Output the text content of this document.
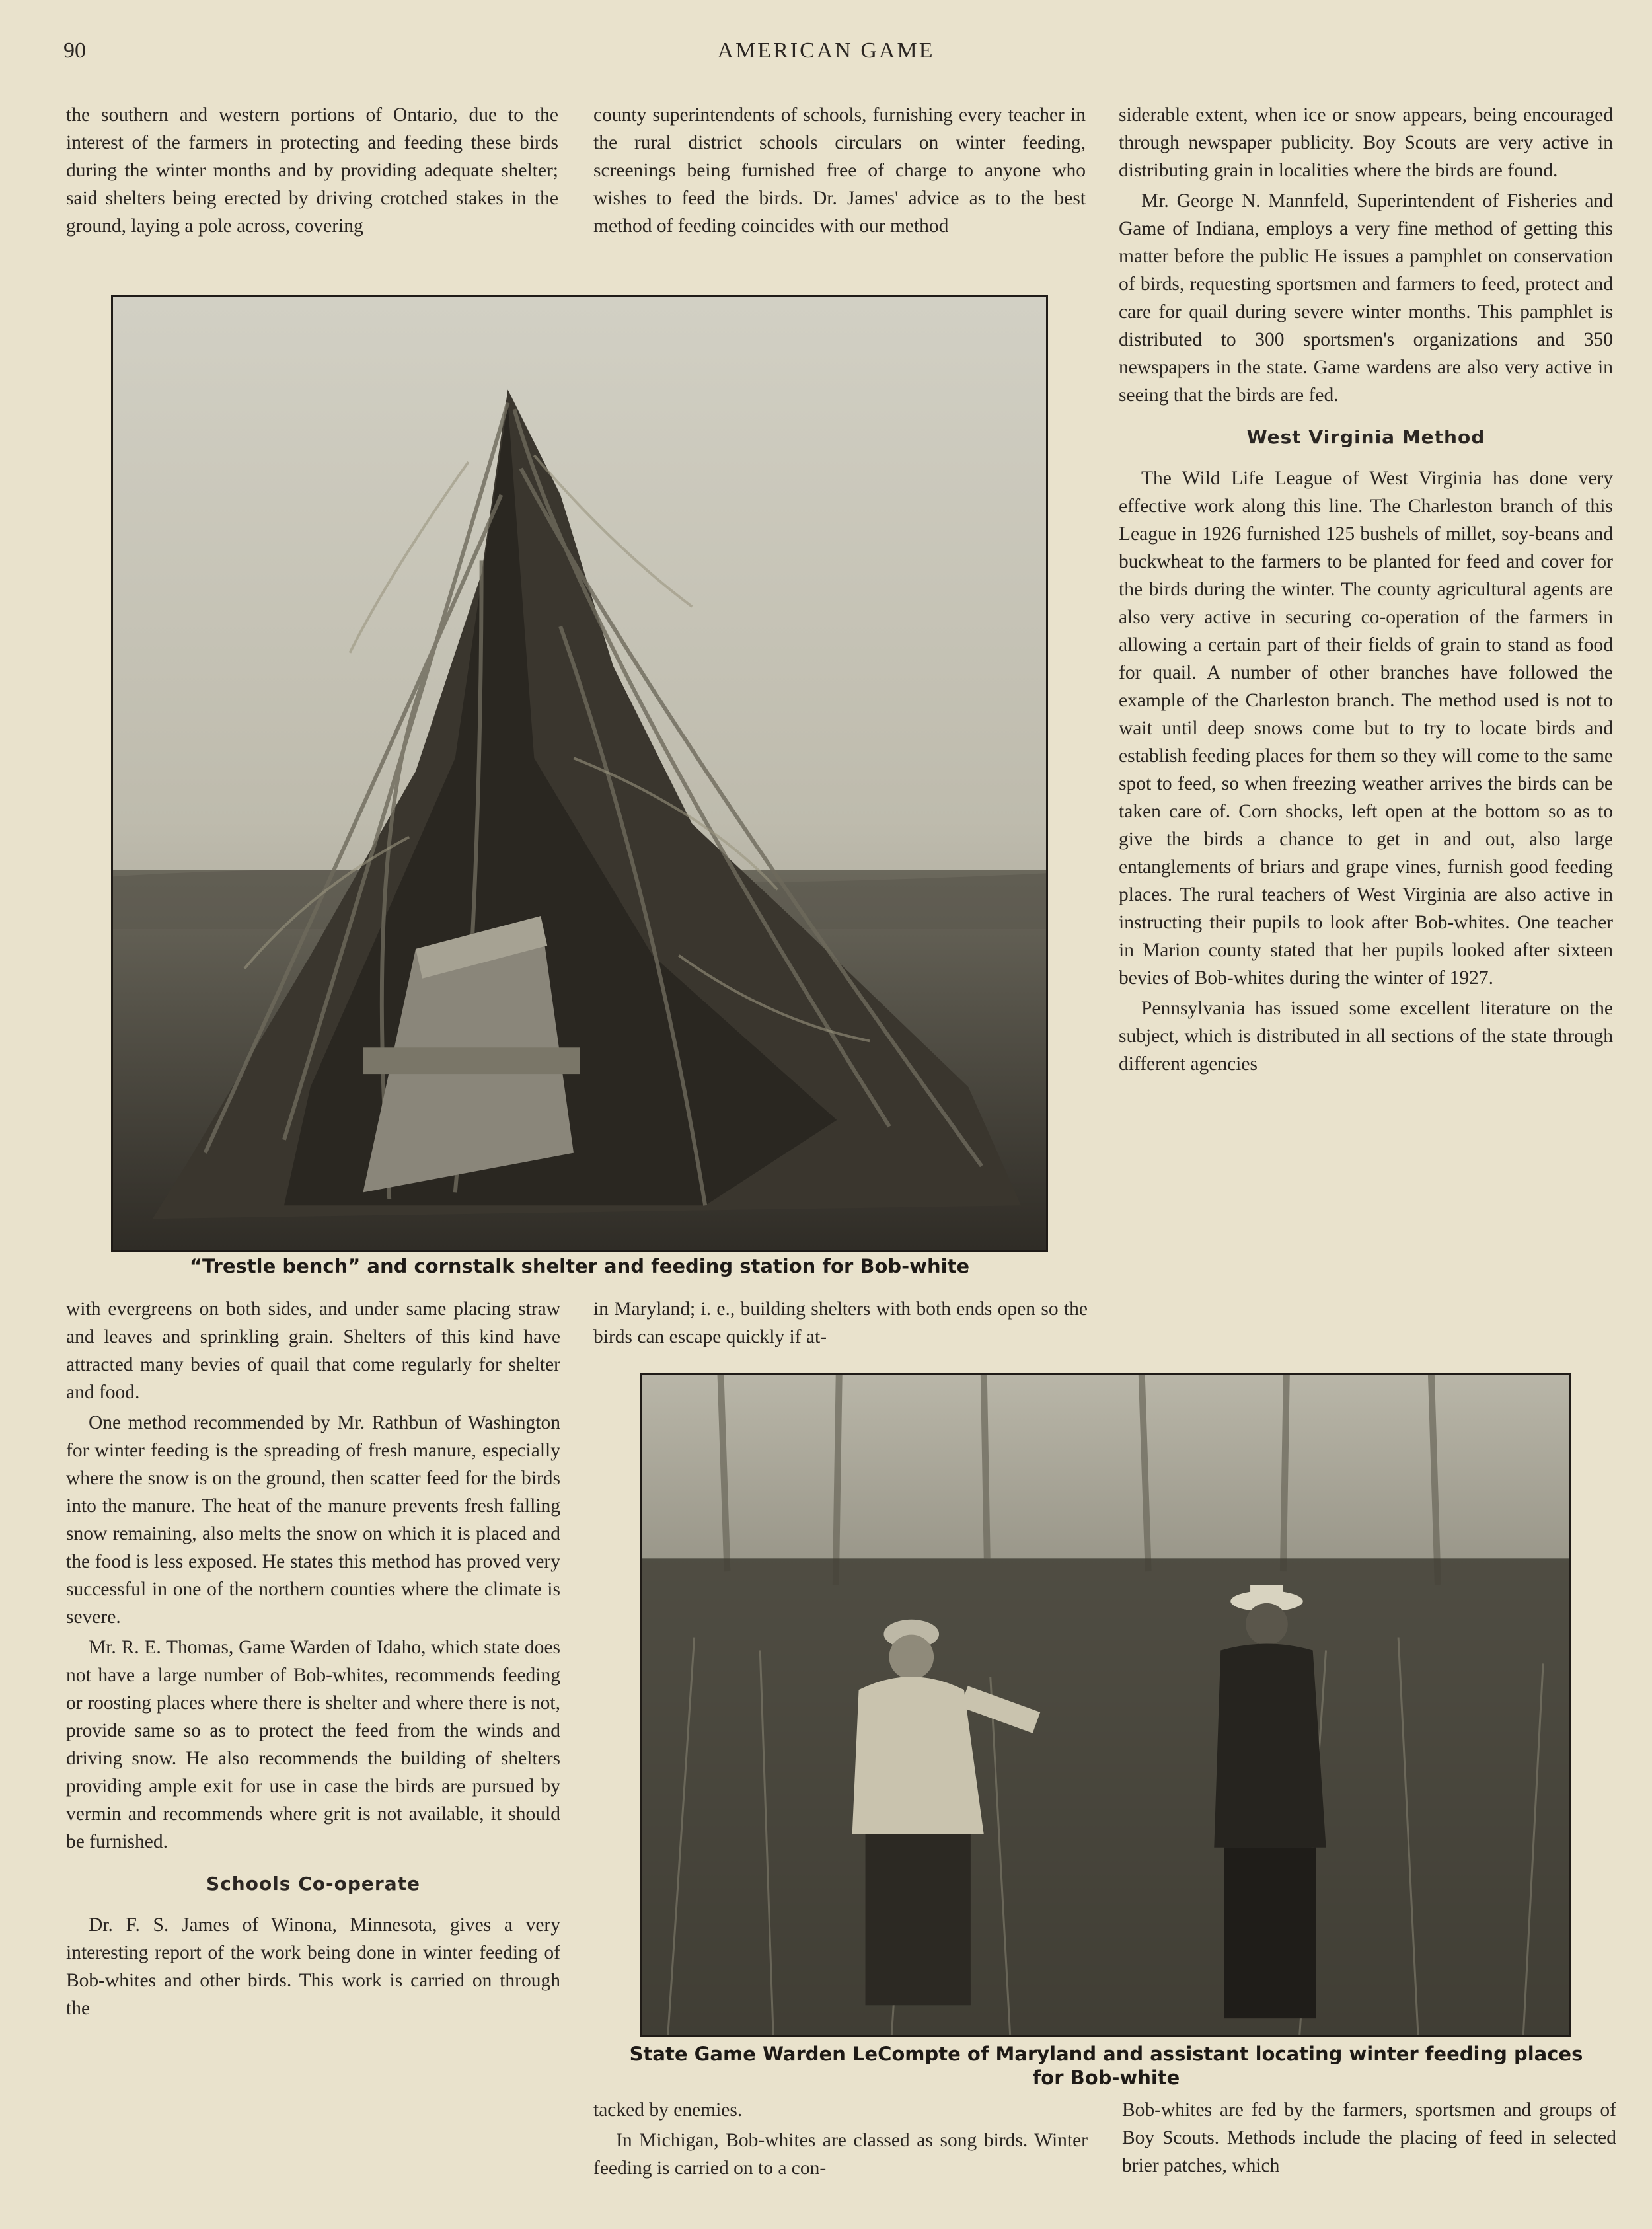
90	AMERICAN GAME

the southern and western portions of Ontario, due to the interest of the farmers in protecting and feeding these birds during the winter months and by providing adequate shelter; said shelters being erected by driving crotched stakes in the ground, laying a pole across, covering

county superintendents of schools, furnishing every teacher in the rural district schools circulars on winter feeding, screenings being furnished free of charge to anyone who wishes to feed the birds. Dr. James' advice as to the best method of feeding coincides with our method

siderable extent, when ice or snow appears, being encouraged through newspaper publicity. Boy Scouts are very active in distributing grain in localities where the birds are found.

Mr. George N. Mannfeld, Superintendent of Fisheries and Game of Indiana, employs a very fine method of getting this matter before the public He issues a pamphlet on conservation of birds, requesting sportsmen and farmers to feed, protect and care for quail during severe winter months. This pamphlet is distributed to 300 sportsmen's organizations and 350 newspapers in the state. Game wardens are also very active in seeing that the birds are fed.

West Virginia Method

The Wild Life League of West Virginia has done very effective work along this line. The Charleston branch of this League in 1926 furnished 125 bushels of millet, soy-beans and buckwheat to the farmers to be planted for feed and cover for the birds during the winter. The county agricultural agents are also very active in securing co-operation of the farmers in allowing a certain part of their fields of grain to stand as food for quail. A number of other branches have followed the example of the Charleston branch. The method used is not to wait until deep snows come but to try to locate birds and establish feeding places for them so they will come to the same spot to feed, so when freezing weather arrives the birds can be taken care of. Corn shocks, left open at the bottom so as to give the birds a chance to get in and out, also large entanglements of briars and grape vines, furnish good feeding places. The rural teachers of West Virginia are also active in instructing their pupils to look after Bob-whites. One teacher in Marion county stated that her pupils looked after sixteen bevies of Bob-whites during the winter of 1927.

Pennsylvania has issued some excellent literature on the subject, which is distributed in all sections of the state through different agencies

“Trestle bench” and cornstalk shelter and feeding station for Bob-white

with evergreens on both sides, and under same placing straw and leaves and sprinkling grain. Shelters of this kind have attracted many bevies of quail that come regularly for shelter and food.

One method recommended by Mr. Rathbun of Washington for winter feeding is the spreading of fresh manure, especially where the snow is on the ground, then scatter feed for the birds into the manure. The heat of the manure prevents fresh falling snow remaining, also melts the snow on which it is placed and the food is less exposed. He states this method has proved very successful in one of the northern counties where the climate is severe.

Mr. R. E. Thomas, Game Warden of Idaho, which state does not have a large number of Bob-whites, recommends feeding or roosting places where there is shelter and where there is not, provide same so as to protect the feed from the winds and driving snow. He also recommends the building of shelters providing ample exit for use in case the birds are pursued by vermin and recommends where grit is not available, it should be furnished.

Schools Co-operate

Dr. F. S. James of Winona, Minnesota, gives a very interesting report of the work being done in winter feeding of Bob-whites and other birds. This work is carried on through the

in Maryland; i. e., building shelters with both ends open so the birds can escape quickly if at-

State Game Warden LeCompte of Maryland and assistant locating winter feeding places for Bob-white

tacked by enemies.

In Michigan, Bob-whites are classed as song birds. Winter feeding is carried on to a con-

Bob-whites are fed by the farmers, sportsmen and groups of Boy Scouts. Methods include the placing of feed in selected brier patches, which
